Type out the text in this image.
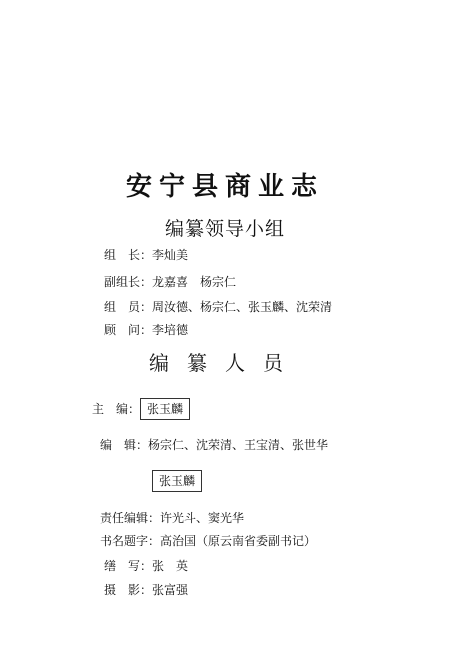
安宁县商业志
编纂领导小组
组　长：李灿美
副组长：龙嘉喜　杨宗仁
组　员：周汝德、杨宗仁、张玉麟、沈荣清
顾　问：李培德
编纂人员
主　编： 张玉麟
编　辑：杨宗仁、沈荣清、王宝清、张世华
张玉麟
责任编辑：许光斗、窦光华
书名题字：高治国（原云南省委副书记）
缮　写：张　英
摄　影：张富强
